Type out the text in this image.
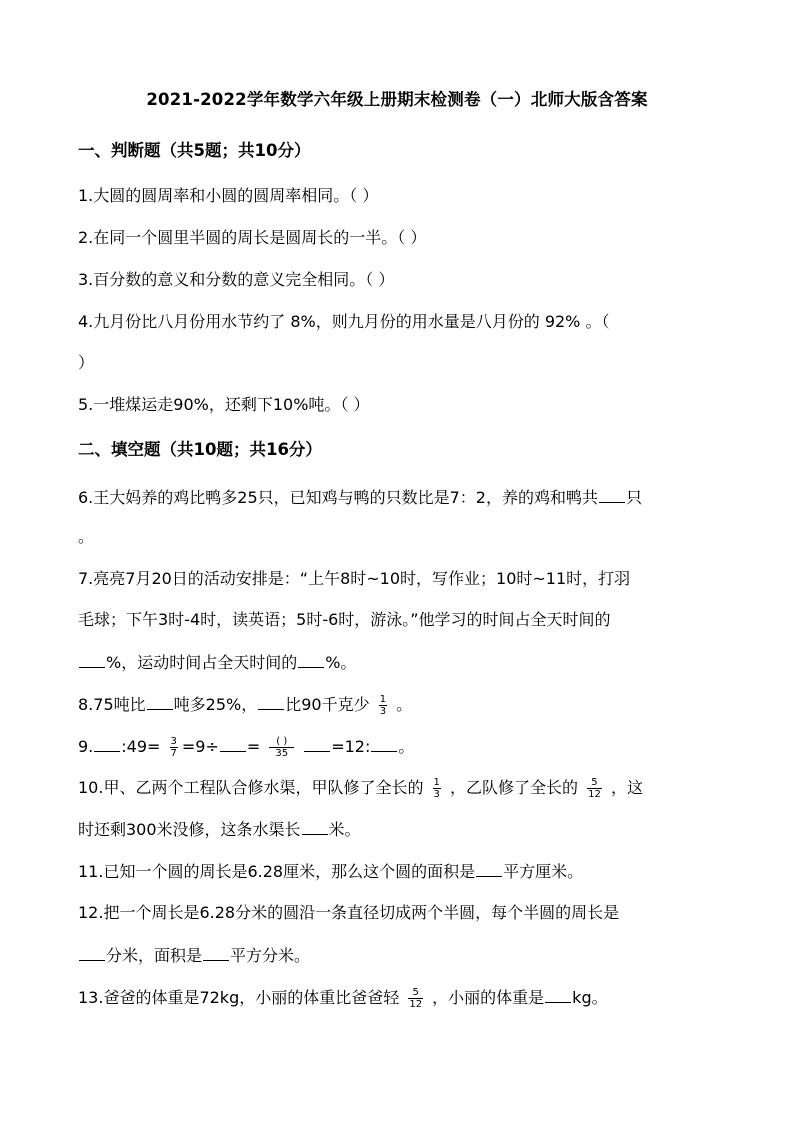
2021-2022学年数学六年级上册期末检测卷（一）北师大版含答案
一、判断题（共5题；共10分）
1.大圆的圆周率和小圆的圆周率相同。（ ）
2.在同一个圆里半圆的周长是圆周长的一半。（ ）
3.百分数的意义和分数的意义完全相同。（ ）
4.九月份比八月份用水节约了 8%，则九月份的用水量是八月份的 92% 。（
）
5.一堆煤运走90%，还剩下10%吨。（ ）
二、填空题（共10题；共16分）
6.王大妈养的鸡比鸭多25只，已知鸡与鸭的只数比是7：2，养的鸡和鸭共 只
。
7.亮亮7月20日的活动安排是：“上午8时~10时，写作业；10时~11时，打羽
毛球；下午3时-4时，读英语；5时-6时，游泳。”他学习的时间占全天时间的
%，运动时间占全天时间的 %。
8.75吨比 吨多25%， 比90千克少 $\frac{1}{3}$ 。
9. :49= $\frac{3}{7} =9\div = \frac{( )}{35} =12$: 。
10.甲、乙两个工程队合修水渠，甲队修了全长的 $\frac{1}{3}$ ，乙队修了全长的 $\frac{5}{12}$ ，这
时还剩300米没修，这条水渠长 米。
11.已知一个圆的周长是6.28厘米，那么这个圆的面积是 平方厘米。
12.把一个周长是6.28分米的圆沿一条直径切成两个半圆，每个半圆的周长是
分米，面积是 平方分米。
13.爸爸的体重是72kg，小丽的体重比爸爸轻 $\frac{5}{12}$ ，小丽的体重是 kg。
